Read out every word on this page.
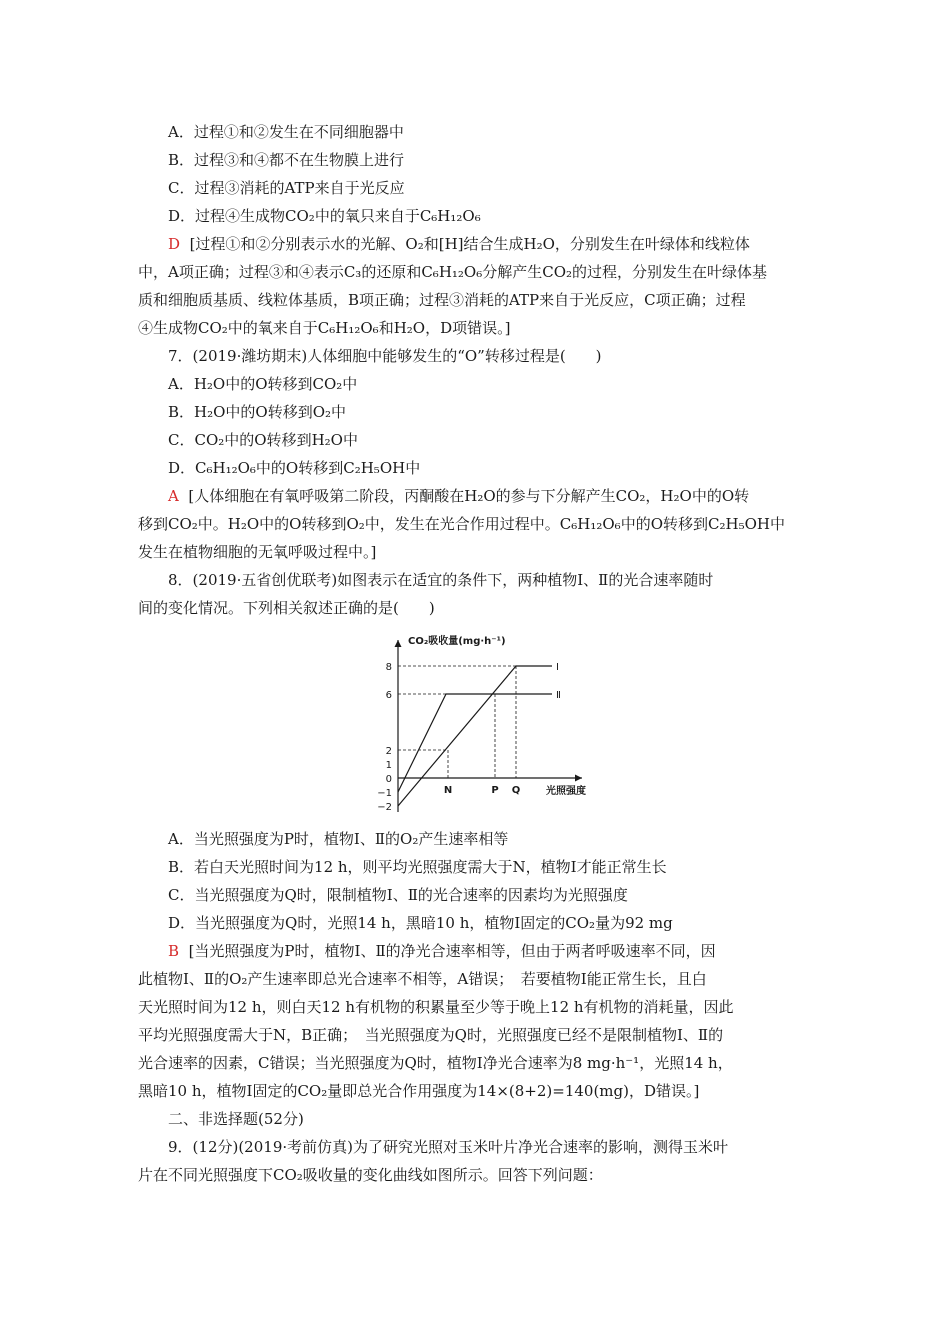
A．过程①和②发生在不同细胞器中
B．过程③和④都不在生物膜上进行
C．过程③消耗的ATP来自于光反应
D．过程④生成物CO₂中的氧只来自于C₆H₁₂O₆
D [过程①和②分别表示水的光解、O₂和[H]结合生成H₂O，分别发生在叶绿体和线粒体
中，A项正确；过程③和④表示C₃的还原和C₆H₁₂O₆分解产生CO₂的过程，分别发生在叶绿体基
质和细胞质基质、线粒体基质，B项正确；过程③消耗的ATP来自于光反应，C项正确；过程
④生成物CO₂中的氧来自于C₆H₁₂O₆和H₂O，D项错误。]
7．(2019·潍坊期末)人体细胞中能够发生的“O”转移过程是(　　)
A．H₂O中的O转移到CO₂中
B．H₂O中的O转移到O₂中
C．CO₂中的O转移到H₂O中
D．C₆H₁₂O₆中的O转移到C₂H₅OH中
A [人体细胞在有氧呼吸第二阶段，丙酮酸在H₂O的参与下分解产生CO₂，H₂O中的O转
移到CO₂中。H₂O中的O转移到O₂中，发生在光合作用过程中。C₆H₁₂O₆中的O转移到C₂H₅OH中
发生在植物细胞的无氧呼吸过程中。]
8．(2019·五省创优联考)如图表示在适宜的条件下，两种植物Ⅰ、Ⅱ的光合速率随时
间的变化情况。下列相关叙述正确的是(　　)
CO₂吸收量(mg·h⁻¹)
光照强度
8
6
2
1
0
−1
−2
N	P Q
Ⅰ
Ⅱ
A．当光照强度为P时，植物Ⅰ、Ⅱ的O₂产生速率相等
B．若白天光照时间为12 h，则平均光照强度需大于N，植物Ⅰ才能正常生长
C．当光照强度为Q时，限制植物Ⅰ、Ⅱ的光合速率的因素均为光照强度
D．当光照强度为Q时，光照14 h，黑暗10 h，植物Ⅰ固定的CO₂量为92 mg
B [当光照强度为P时，植物Ⅰ、Ⅱ的净光合速率相等，但由于两者呼吸速率不同，因
此植物Ⅰ、Ⅱ的O₂产生速率即总光合速率不相等，A错误；　若要植物Ⅰ能正常生长，且白
天光照时间为12 h，则白天12 h有机物的积累量至少等于晚上12 h有机物的消耗量，因此
平均光照强度需大于N，B正确；　当光照强度为Q时，光照强度已经不是限制植物Ⅰ、Ⅱ的
光合速率的因素，C错误；当光照强度为Q时，植物Ⅰ净光合速率为8 mg·h⁻¹，光照14 h，
黑暗10 h，植物Ⅰ固定的CO₂量即总光合作用强度为14×(8+2)=140(mg)，D错误。]
二、非选择题(52分)
9．(12分)(2019·考前仿真)为了研究光照对玉米叶片净光合速率的影响，测得玉米叶
片在不同光照强度下CO₂吸收量的变化曲线如图所示。回答下列问题：
